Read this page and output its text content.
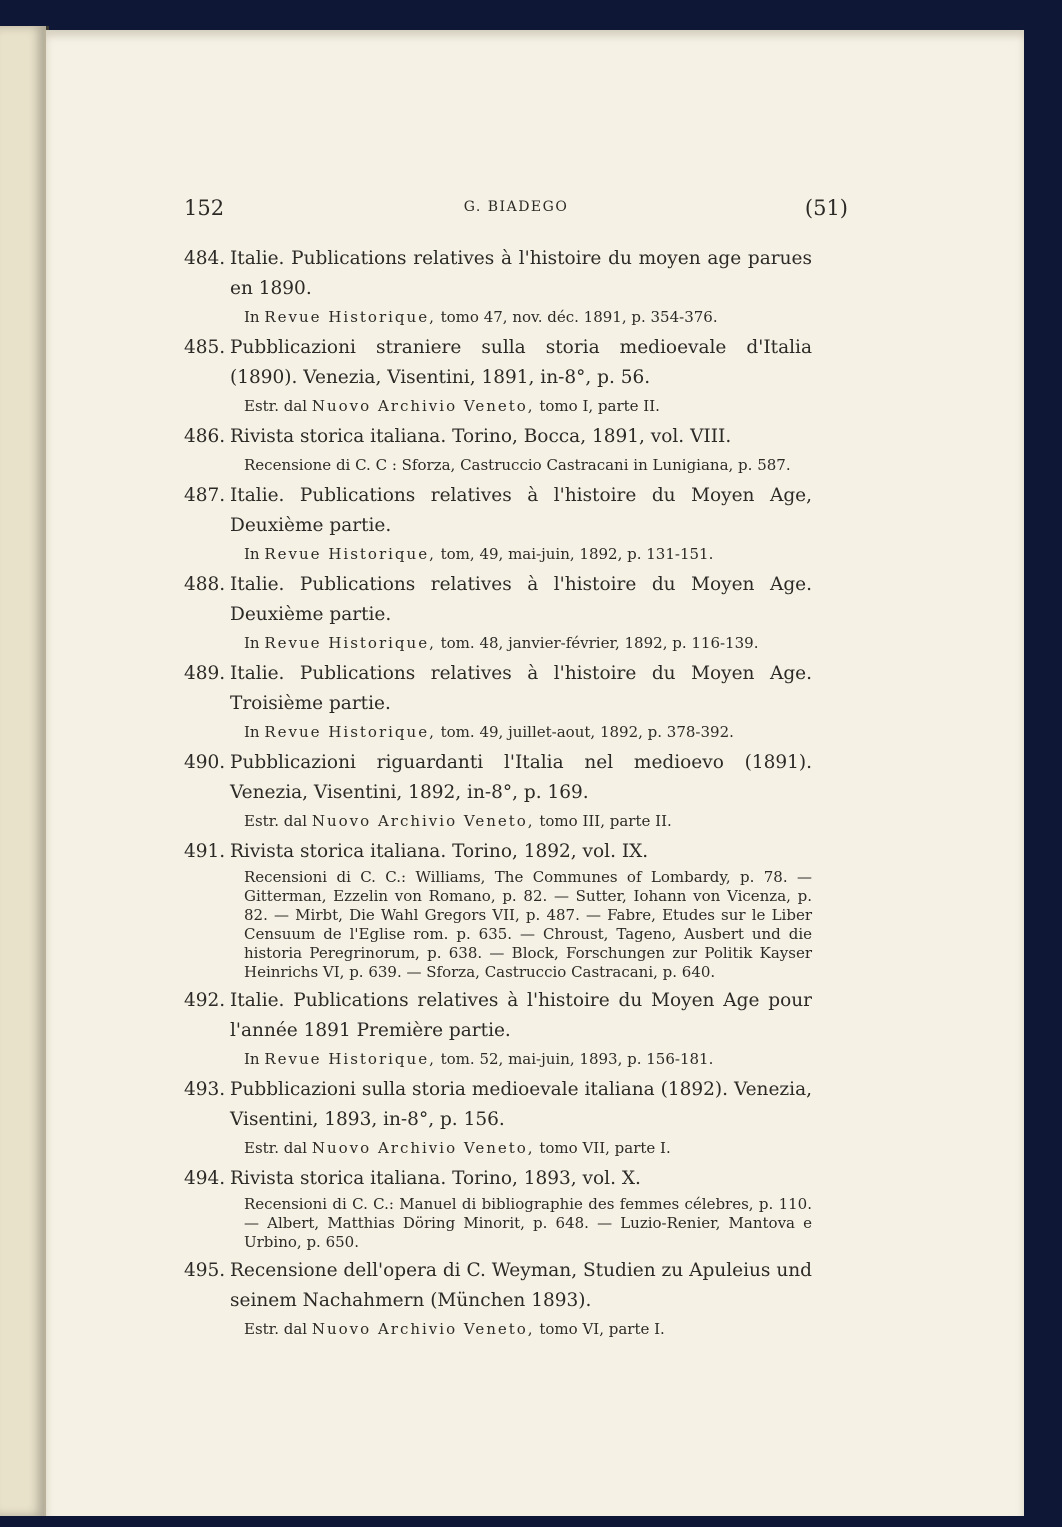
152	G. BIADEGO	(51)
484. Italie. Publications relatives à l'histoire du moyen age parues en 1890.
In Revue Historique, tomo 47, nov. déc. 1891, p. 354-376.
485. Pubblicazioni straniere sulla storia medioevale d'Italia (1890). Venezia, Visentini, 1891, in-8°, p. 56.
Estr. dal Nuovo Archivio Veneto, tomo I, parte II.
486. Rivista storica italiana. Torino, Bocca, 1891, vol. VIII.
Recensione di C. C : Sforza, Castruccio Castracani in Lunigiana, p. 587.
487. Italie. Publications relatives à l'histoire du Moyen Age, Deuxième partie.
In Revue Historique, tom, 49, mai-juin, 1892, p. 131-151.
488. Italie. Publications relatives à l'histoire du Moyen Age. Deuxième partie.
In Revue Historique, tom. 48, janvier-février, 1892, p. 116-139.
489. Italie. Publications relatives à l'histoire du Moyen Age. Troisième partie.
In Revue Historique, tom. 49, juillet-aout, 1892, p. 378-392.
490. Pubblicazioni riguardanti l'Italia nel medioevo (1891). Venezia, Visentini, 1892, in-8°, p. 169.
Estr. dal Nuovo Archivio Veneto, tomo III, parte II.
491. Rivista storica italiana. Torino, 1892, vol. IX.
Recensioni di C. C.: Williams, The Communes of Lombardy, p. 78. — Gitterman, Ezzelin von Romano, p. 82. — Sutter, Iohann von Vicenza, p. 82. — Mirbt, Die Wahl Gregors VII, p. 487. — Fabre, Etudes sur le Liber Censuum de l'Eglise rom. p. 635. — Chroust, Tageno, Ausbert und die historia Peregrinorum, p. 638. — Block, Forschungen zur Politik Kayser Heinrichs VI, p. 639. — Sforza, Castruccio Castracani, p. 640.
492. Italie. Publications relatives à l'histoire du Moyen Age pour l'année 1891 Première partie.
In Revue Historique, tom. 52, mai-juin, 1893, p. 156-181.
493. Pubblicazioni sulla storia medioevale italiana (1892). Venezia, Visentini, 1893, in-8°, p. 156.
Estr. dal Nuovo Archivio Veneto, tomo VII, parte I.
494. Rivista storica italiana. Torino, 1893, vol. X.
Recensioni di C. C.: Manuel di bibliographie des femmes célebres, p. 110. — Albert, Matthias Döring Minorit, p. 648. — Luzio-Renier, Mantova e Urbino, p. 650.
495. Recensione dell'opera di C. Weyman, Studien zu Apuleius und seinem Nachahmern (München 1893).
Estr. dal Nuovo Archivio Veneto, tomo VI, parte I.
